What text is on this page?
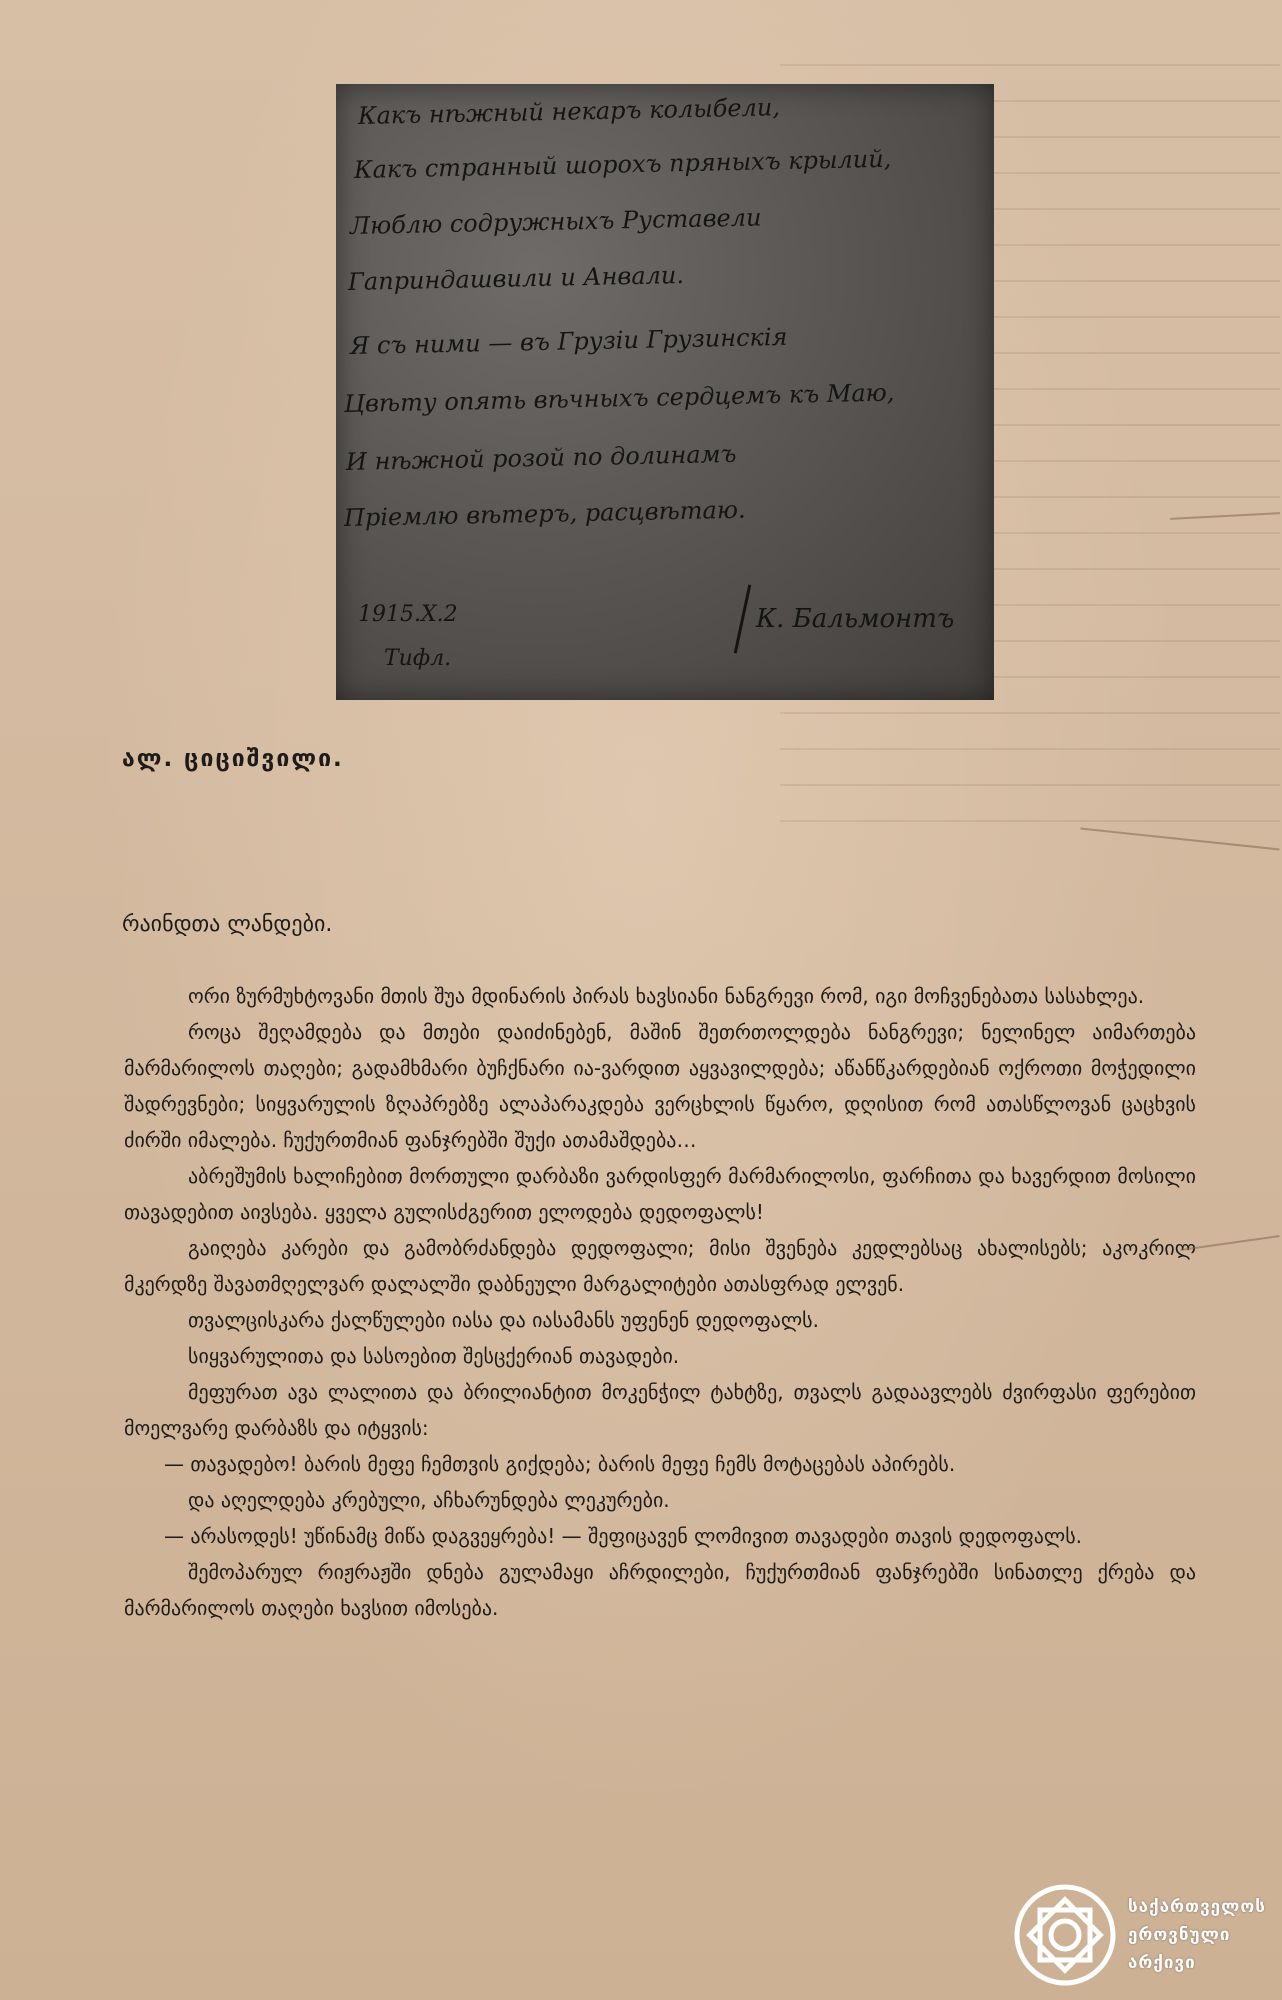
Какъ нѣжный некаръ колыбели,
Какъ странный шорохъ пряныхъ крылий,
Люблю содружныхъ Руставели
Гаприндашвили и Анвали.
Я съ ними — въ Грузіи Грузинскія
Цвѣту опять вѣчныхъ сердцемъ къ Маю,
И нѣжной розой по долинамъ
Пріемлю вѣтеръ, расцвѣтаю.
1915.X.2
Тифл.
К. Бальмонтъ
ალ. ციციშვილი.
რაინდთა ლანდები.

ორი ზურმუხტოვანი მთის შუა მდინარის პირას ხავსიანი ნანგრევი რომ, იგი მოჩვენებათა სასახლეა.

როცა შეღამდება და მთები დაიძინებენ, მაშინ შეთრთოლდება ნანგრევი; ნელინელ აიმართება მარმარილოს თაღები; გადამხმარი ბუჩქნარი ია-ვარდით აყვავილდება; აწანწკარდებიან ოქროთი მოჭედილი შადრევნები; სიყვარულის ზღაპრებზე ალაპარაკდება ვერცხლის წყარო, დღისით რომ ათასწლოვან ცაცხვის ძირში იმალება. ჩუქურთმიან ფანჯრებში შუქი ათამაშდება…

აბრეშუმის ხალიჩებით მორთული დარბაზი ვარდისფერ მარმარილოსი, ფარჩითა და ხავერდით მოსილი თავადებით აივსება. ყველა გულისძგერით ელოდება დედოფალს!

გაიღება კარები და გამობრძანდება დედოფალი; მისი შვენება კედლებსაც ახალისებს; აკოკრილ მკერდზე შავათმღელვარ დალალში დაბნეული მარგალიტები ათასფრად ელვენ.

თვალცისკარა ქალწულები იასა და იასამანს უფენენ დედოფალს.

სიყვარულითა და სასოებით შესცქერიან თავადები.

მეფურათ ავა ლალითა და ბრილიანტით მოკენჭილ ტახტზე, თვალს გადაავლებს ძვირფასი ფერებით მოელვარე დარბაზს და იტყვის:

— თავადებო! ბარის მეფე ჩემთვის გიქდება; ბარის მეფე ჩემს მოტაცებას აპირებს.

და აღელდება კრებული, აჩხარუნდება ლეკურები.

— არასოდეს! უწინამც მიწა დაგვეყრება! — შეფიცავენ ლომივით თავადები თავის დედოფალს.

შემოპარულ რიჟრაჟში დნება გულამაყი აჩრდილები, ჩუქურთმიან ფანჯრებში სინათლე ქრება და მარმარილოს თაღები ხავსით იმოსება.

საქართველოს
ეროვნული
არქივი
